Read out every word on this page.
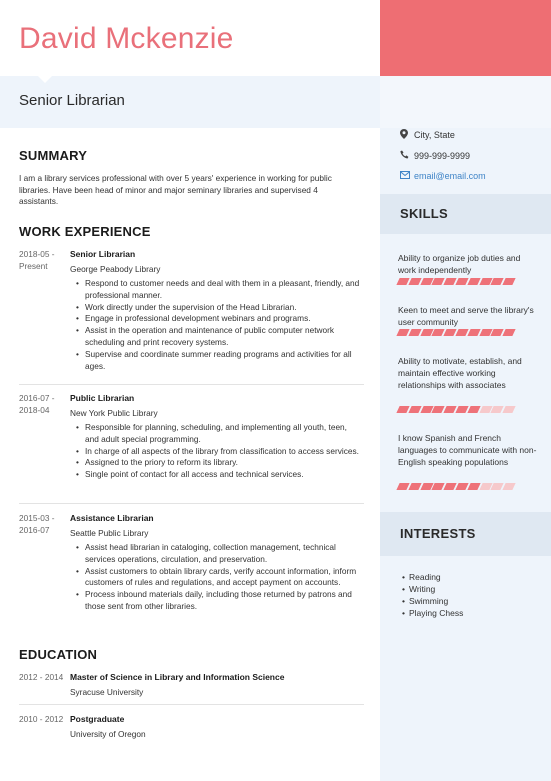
David Mckenzie
Senior Librarian
City, State
999-999-9999
email@email.com
SKILLS
Ability to organize job duties and work independently
Keen to meet and serve the library's user community
Ability to motivate, establish, and maintain effective working relationships with associates
I know Spanish and French languages to communicate with non-English speaking populations
INTERESTS
• Reading
• Writing
• Swimming
• Playing Chess
SUMMARY
I am a library services professional with over 5 years' experience in working for public libraries. Have been head of minor and major seminary libraries and supervised 4 assistants.
WORK EXPERIENCE
2018-05 -
Present
Senior Librarian
George Peabody Library
• Respond to customer needs and deal with them in a pleasant, friendly, and professional manner.
• Work directly under the supervision of the Head Librarian.
• Engage in professional development webinars and programs.
• Assist in the operation and maintenance of public computer network scheduling and print recovery systems.
• Supervise and coordinate summer reading programs and activities for all ages.
2016-07 -
2018-04
Public Librarian
New York Public Library
• Responsible for planning, scheduling, and implementing all youth, teen, and adult special programming.
• In charge of all aspects of the library from classification to access services.
• Assigned to the priory to reform its library.
• Single point of contact for all access and technical services.
2015-03 -
2016-07
Assistance Librarian
Seattle Public Library
• Assist head librarian in cataloging, collection management, technical services operations, circulation, and preservation.
• Assist customers to obtain library cards, verify account information, inform customers of rules and regulations, and accept payment on accounts.
• Process inbound materials daily, including those returned by patrons and those sent from other libraries.
EDUCATION
2012 - 2014 Master of Science in Library and Information Science
Syracuse University
2010 - 2012 Postgraduate
University of Oregon
